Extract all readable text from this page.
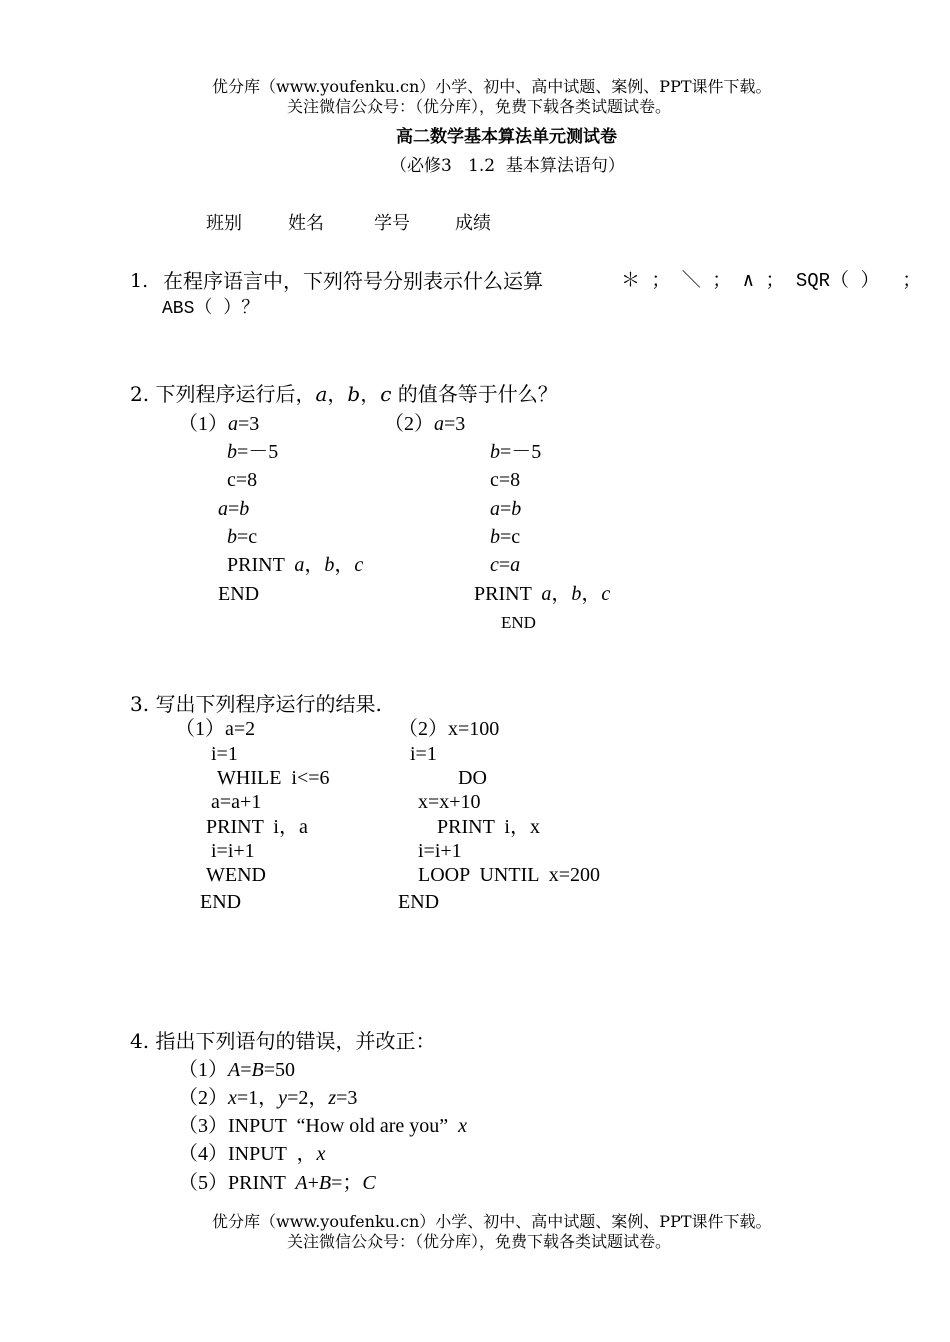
优分库（www.youfenku.cn）小学、初中、高中试题、案例、PPT课件下载。
关注微信公众号：（优分库），免费下载各类试题试卷。
高二数学基本算法单元测试卷
（必修3   1.2  基本算法语句）
班别	姓名	学号	成绩
1. 在程序语言中，下列符号分别表示什么运算	＊ ； ＼ ； ∧ ； SQR（ ）  ；
ABS（ ）？
2. 下列程序运行后，a，b，c 的值各等于什么？
（1）a=3
b=－5
c=8
a=b
b=c
PRINT  a，b，c
END
（2）a=3
b=－5
c=8
a=b
b=c
c=a
PRINT  a，b，c
END
3. 写出下列程序运行的结果.
（1）a=2
i=1
WHILE  i<=6
a=a+1
PRINT  i，a
i=i+1
WEND
END
（2）x=100
i=1
DO
x=x+10
PRINT  i，x
i=i+1
LOOP  UNTIL  x=200
END
4. 指出下列语句的错误，并改正：
（1）A=B=50
（2）x=1，y=2，z=3
（3）INPUT  “How old are you”  x
（4）INPUT  ，x
（5）PRINT  A+B=；C
优分库（www.youfenku.cn）小学、初中、高中试题、案例、PPT课件下载。
关注微信公众号：（优分库），免费下载各类试题试卷。
